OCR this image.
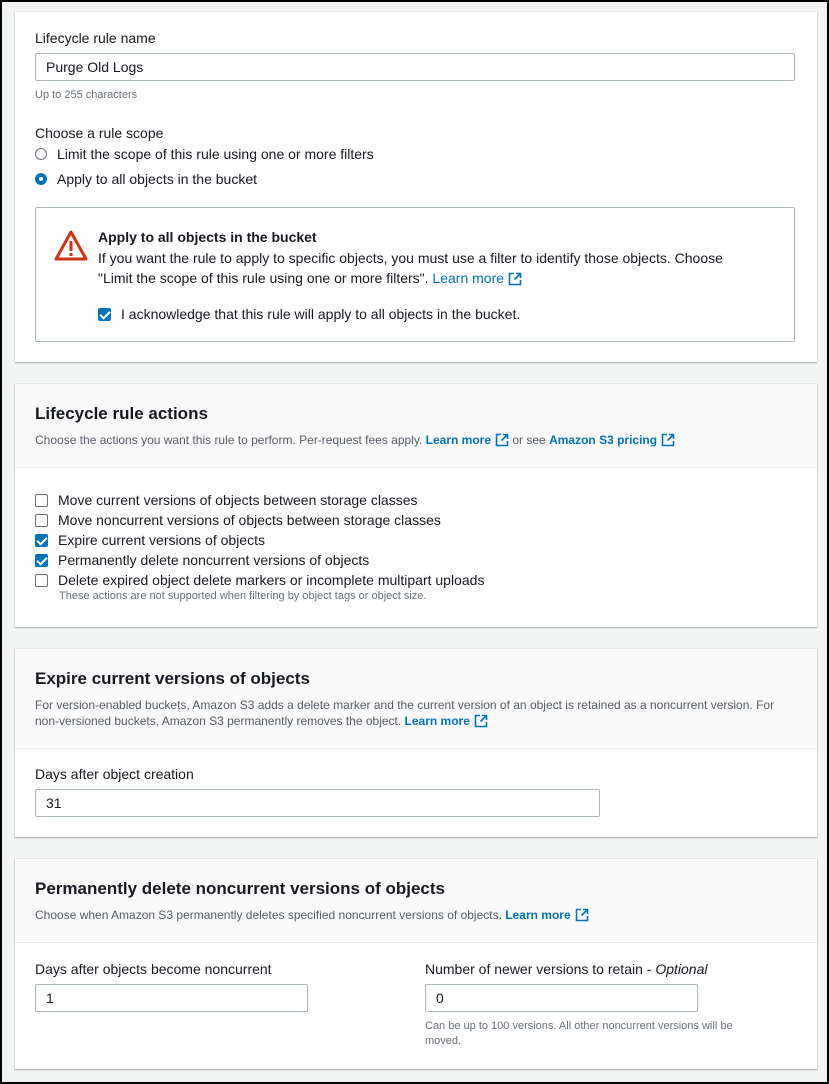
Lifecycle rule name
Purge Old Logs
Up to 255 characters
Choose a rule scope
Limit the scope of this rule using one or more filters
Apply to all objects in the bucket
Apply to all objects in the bucket
If you want the rule to apply to specific objects, you must use a filter to identify those objects. Choose
"Limit the scope of this rule using one or more filters". Learn more
I acknowledge that this rule will apply to all objects in the bucket.
Lifecycle rule actions
Choose the actions you want this rule to perform. Per-request fees apply. Learn more or see Amazon S3 pricing
Move current versions of objects between storage classes
Move noncurrent versions of objects between storage classes
Expire current versions of objects
Permanently delete noncurrent versions of objects
Delete expired object delete markers or incomplete multipart uploads
These actions are not supported when filtering by object tags or object size.
Expire current versions of objects
For version-enabled buckets, Amazon S3 adds a delete marker and the current version of an object is retained as a noncurrent version. For
non-versioned buckets, Amazon S3 permanently removes the object. Learn more
Days after object creation
31
Permanently delete noncurrent versions of objects
Choose when Amazon S3 permanently deletes specified noncurrent versions of objects. Learn more
Days after objects become noncurrent
1
Number of newer versions to retain - Optional
0
Can be up to 100 versions. All other noncurrent versions will be
moved.
